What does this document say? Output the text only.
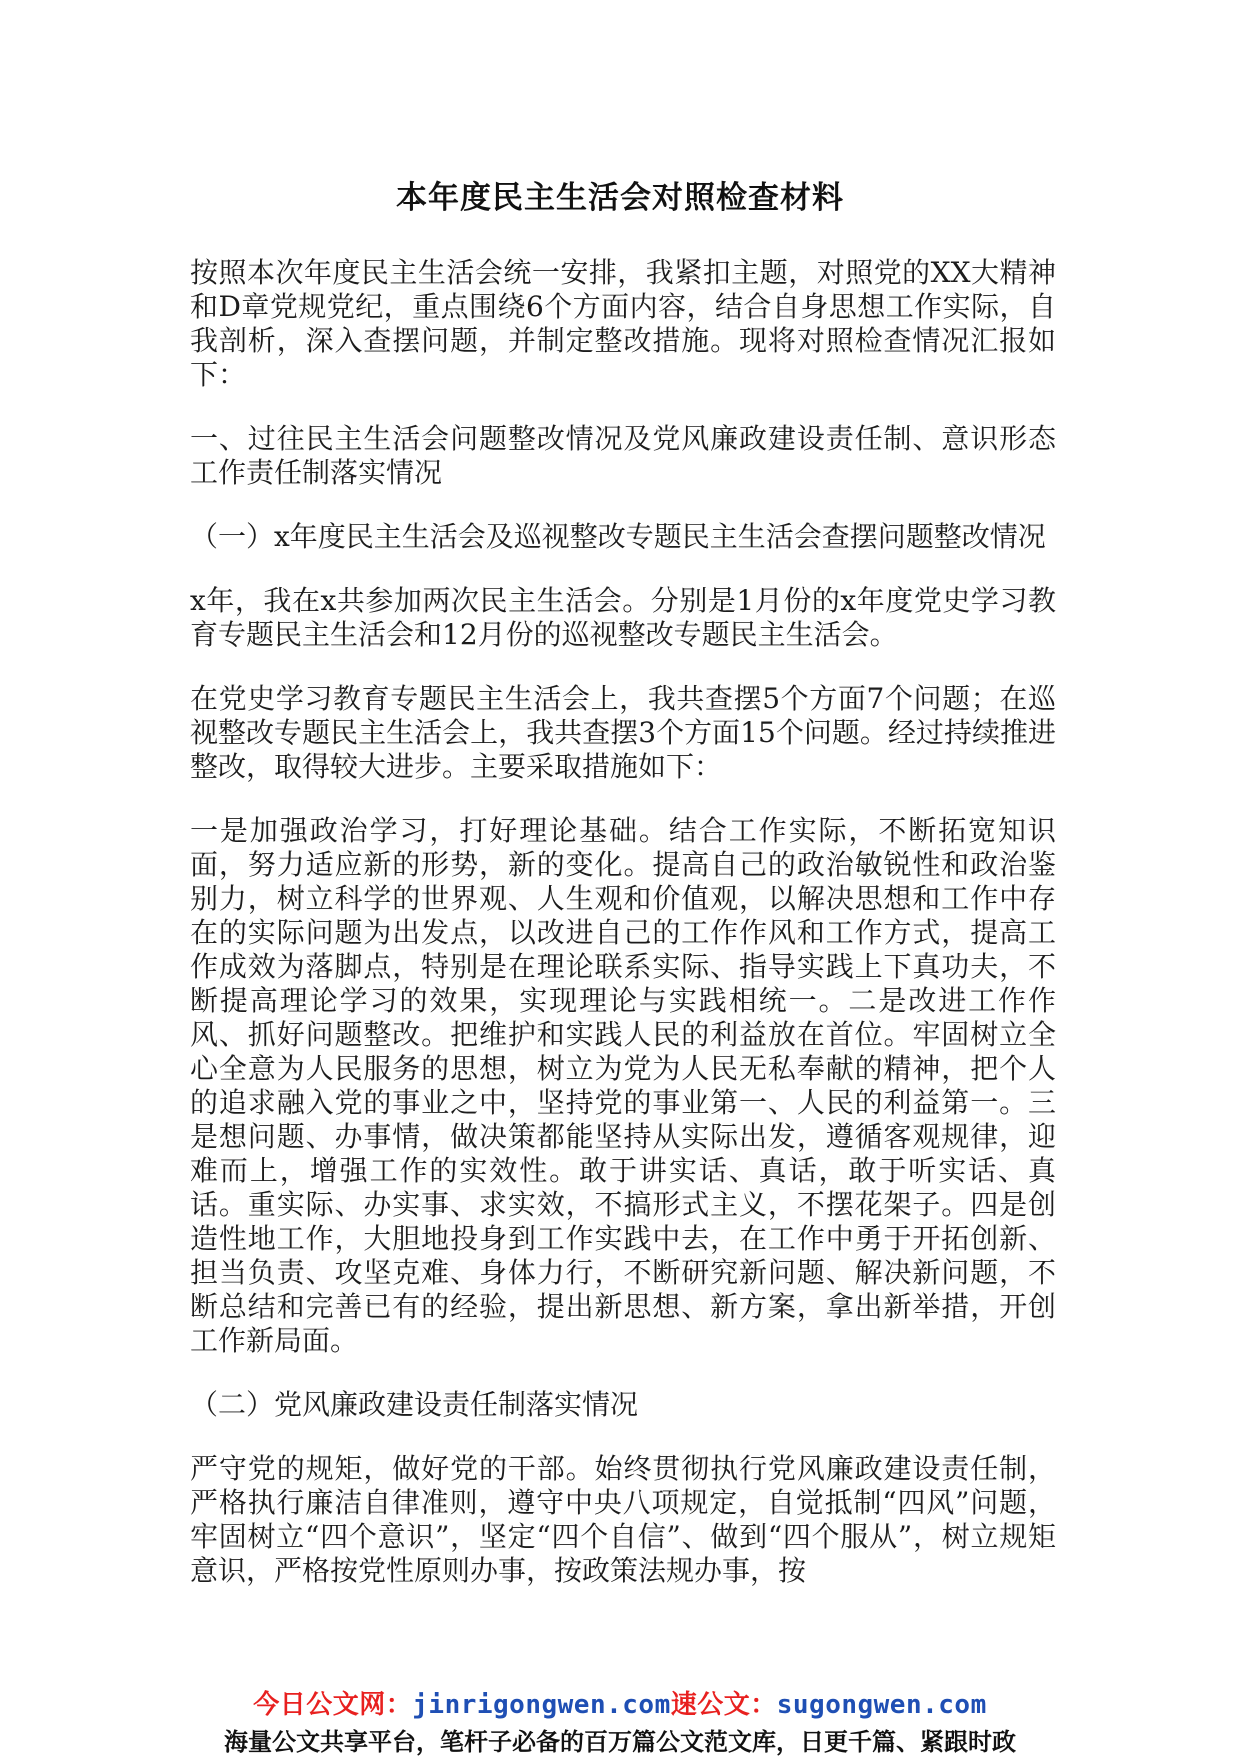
本年度民主生活会对照检查材料

按照本次年度民主生活会统一安排，我紧扣主题，对照党的XX大精神和D章党规党纪，重点围绕6个方面内容，结合自身思想工作实际，自我剖析，深入查摆问题，并制定整改措施。现将对照检查情况汇报如下：

一、过往民主生活会问题整改情况及党风廉政建设责任制、意识形态工作责任制落实情况

（一）x年度民主生活会及巡视整改专题民主生活会查摆问题整改情况

x年，我在x共参加两次民主生活会。分别是1月份的x年度党史学习教育专题民主生活会和12月份的巡视整改专题民主生活会。

在党史学习教育专题民主生活会上，我共查摆5个方面7个问题；在巡视整改专题民主生活会上，我共查摆3个方面15个问题。经过持续推进整改，取得较大进步。主要采取措施如下：

一是加强政治学习，打好理论基础。结合工作实际，不断拓宽知识面，努力适应新的形势，新的变化。提高自己的政治敏锐性和政治鉴别力，树立科学的世界观、人生观和价值观，以解决思想和工作中存在的实际问题为出发点，以改进自己的工作作风和工作方式，提高工作成效为落脚点，特别是在理论联系实际、指导实践上下真功夫，不断提高理论学习的效果，实现理论与实践相统一。二是改进工作作风、抓好问题整改。把维护和实践人民的利益放在首位。牢固树立全心全意为人民服务的思想，树立为党为人民无私奉献的精神，把个人的追求融入党的事业之中，坚持党的事业第一、人民的利益第一。三是想问题、办事情，做决策都能坚持从实际出发，遵循客观规律，迎难而上，增强工作的实效性。敢于讲实话、真话，敢于听实话、真话。重实际、办实事、求实效，不搞形式主义，不摆花架子。四是创造性地工作，大胆地投身到工作实践中去，在工作中勇于开拓创新、担当负责、攻坚克难、身体力行，不断研究新问题、解决新问题，不断总结和完善已有的经验，提出新思想、新方案，拿出新举措，开创工作新局面。

（二）党风廉政建设责任制落实情况

严守党的规矩，做好党的干部。始终贯彻执行党风廉政建设责任制，严格执行廉洁自律准则，遵守中央八项规定，自觉抵制“四风”问题，牢固树立“四个意识”，坚定“四个自信”、做到“四个服从”，树立规矩意识，严格按党性原则办事，按政策法规办事，按

今日公文网：jinrigongwen.com速公文：sugongwen.com
海量公文共享平台，笔杆子必备的百万篇公文范文库，日更千篇、紧跟时政
